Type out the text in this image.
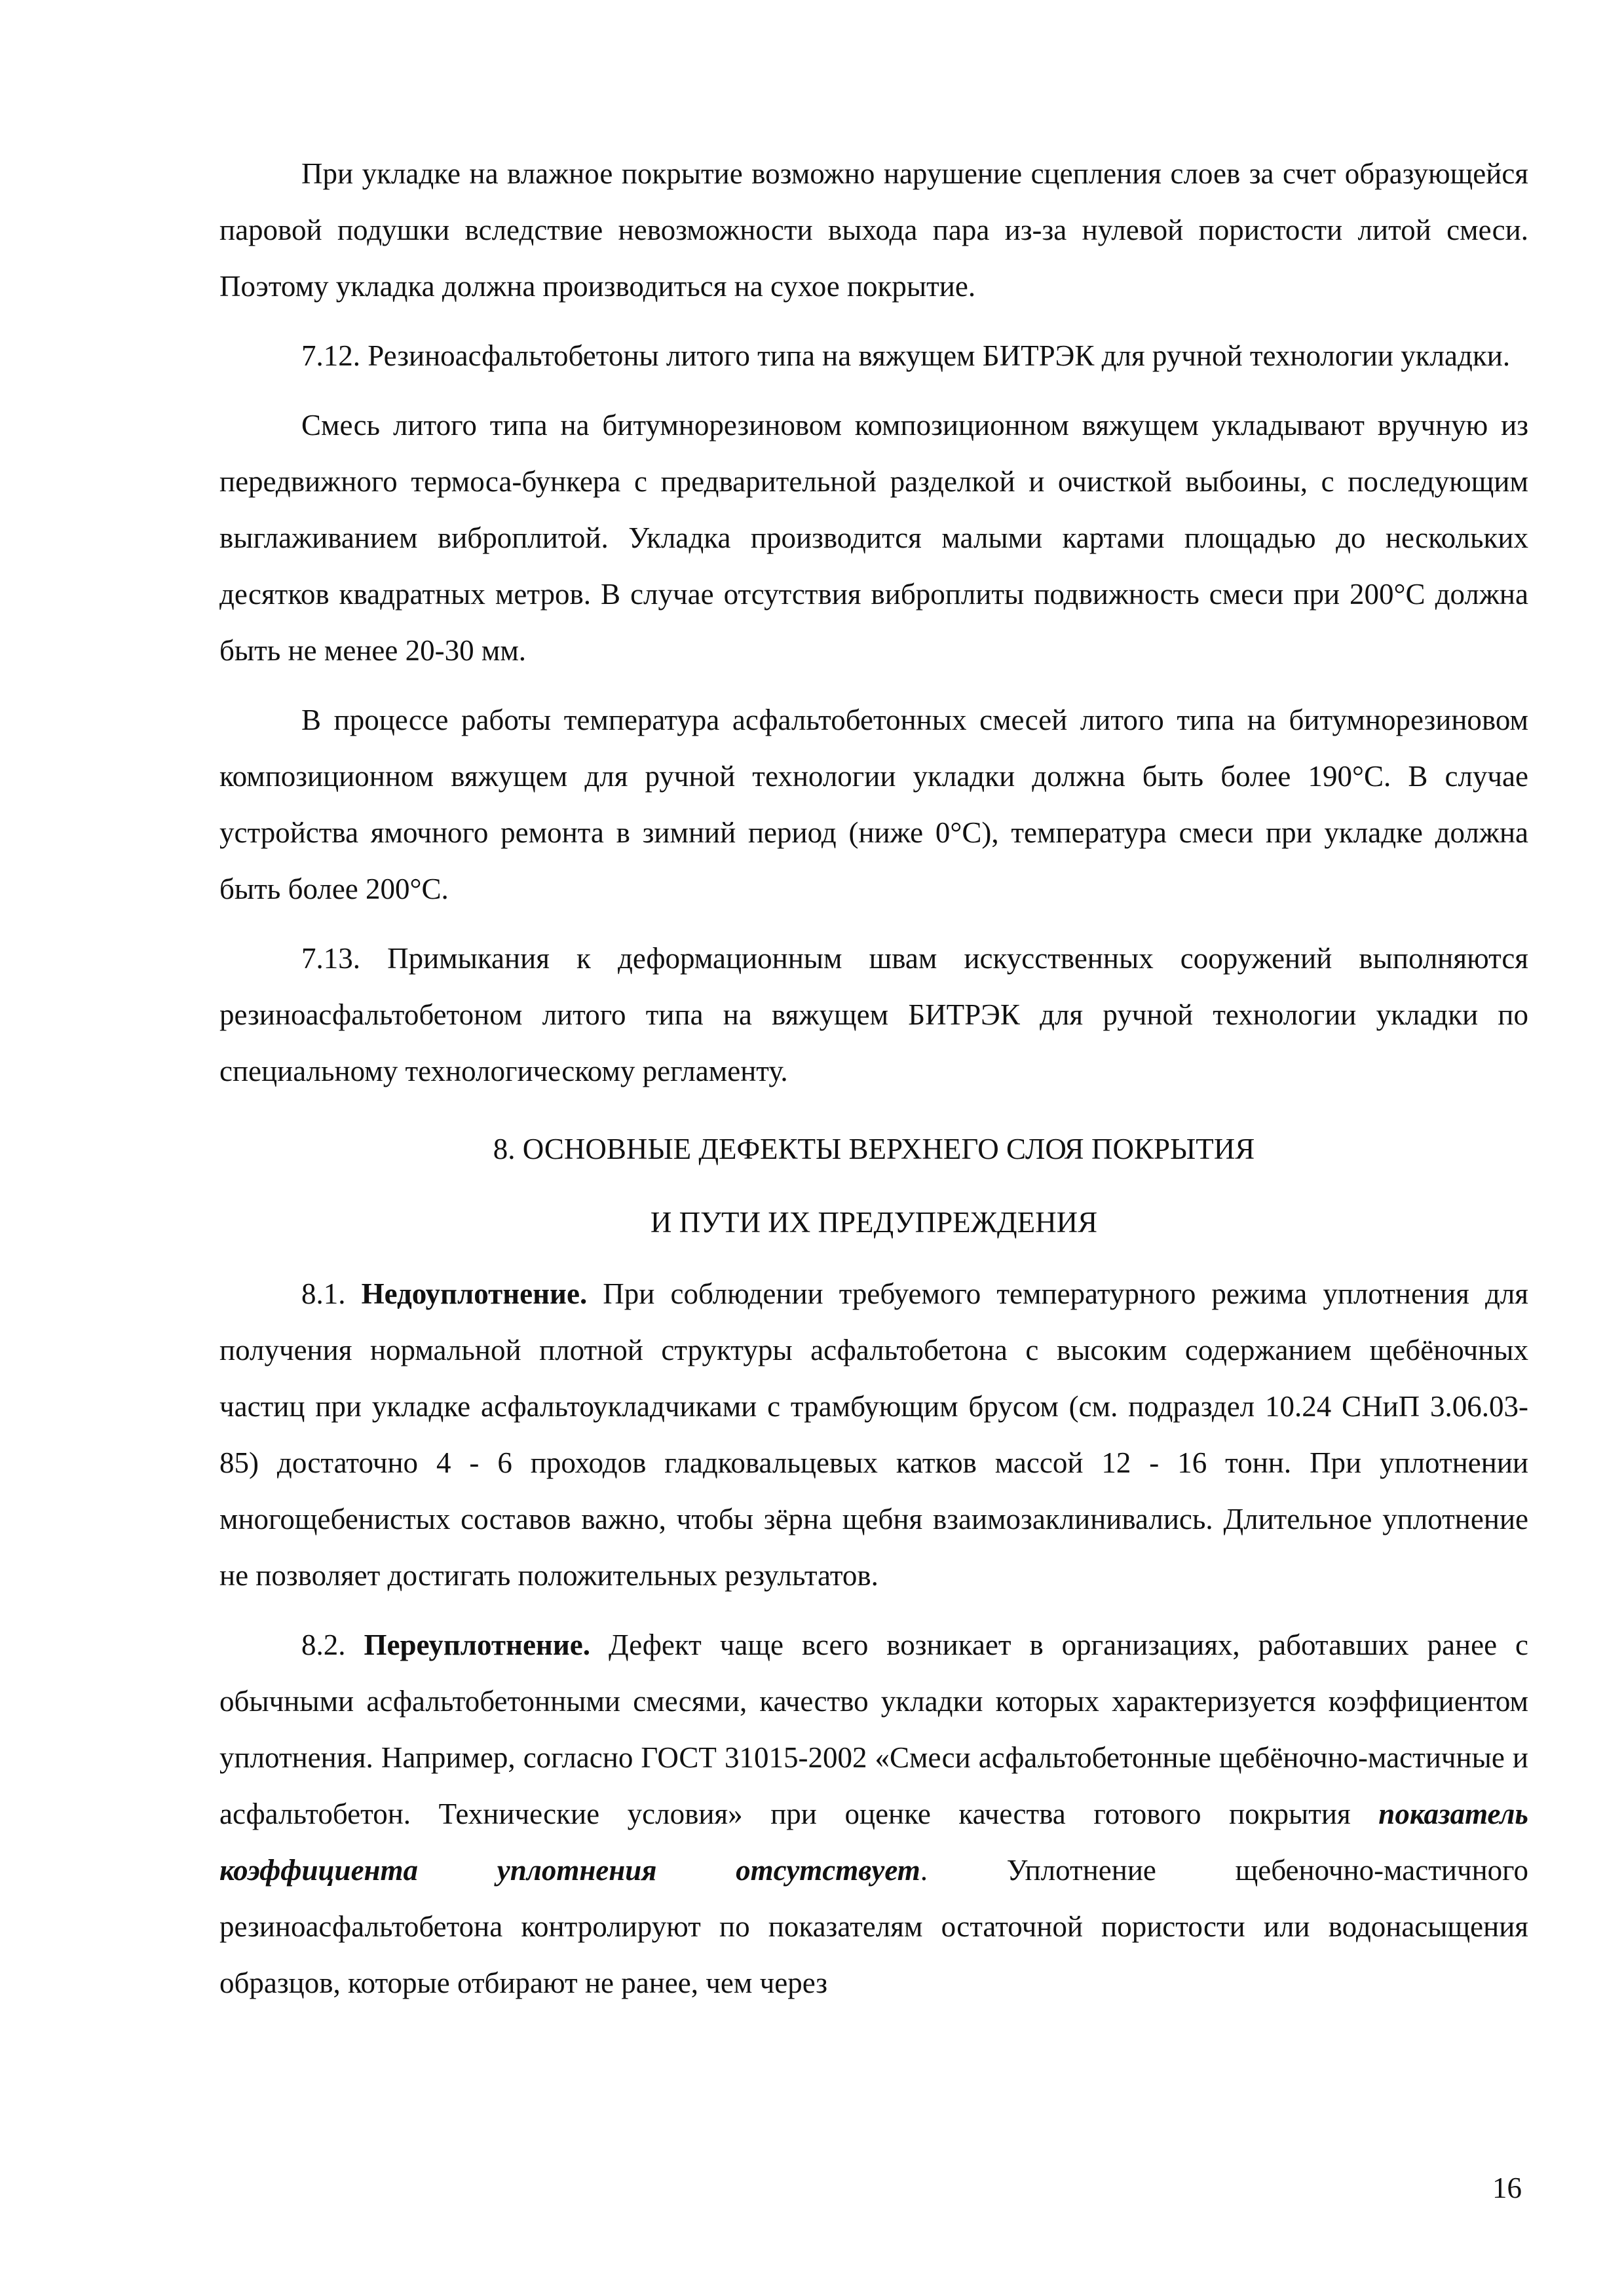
При укладке на влажное покрытие возможно нарушение сцепления слоев за счет образующейся паровой подушки вследствие невозможности выхода пара из-за нулевой пористости литой смеси. Поэтому укладка должна производиться на сухое покрытие.

7.12. Резиноасфальтобетоны литого типа на вяжущем БИТРЭК для ручной технологии укладки.

Смесь литого типа на битумнорезиновом композиционном вяжущем укладывают вручную из передвижного термоса-бункера с предварительной разделкой и очисткой выбоины, с последующим выглаживанием виброплитой. Укладка производится малыми картами площадью до нескольких десятков квадратных метров. В случае отсутствия виброплиты подвижность смеси при 200°С должна быть не менее 20-30 мм.

В процессе работы температура асфальтобетонных смесей литого типа на битумнорезиновом композиционном вяжущем для ручной технологии укладки должна быть более 190°С. В случае устройства ямочного ремонта в зимний период (ниже 0°С), температура смеси при укладке должна быть более 200°С.

7.13. Примыкания к деформационным швам искусственных сооружений выполняются резиноасфальтобетоном литого типа на вяжущем БИТРЭК для ручной технологии укладки по специальному технологическому регламенту.

8. ОСНОВНЫЕ ДЕФЕКТЫ ВЕРХНЕГО СЛОЯ ПОКРЫТИЯ

И ПУТИ ИХ ПРЕДУПРЕЖДЕНИЯ

8.1. Недоуплотнение. При соблюдении требуемого температурного режима уплотнения для получения нормальной плотной структуры асфальтобетона с высоким содержанием щебёночных частиц при укладке асфальтоукладчиками с трамбующим брусом (см. подраздел 10.24 СНиП 3.06.03-85) достаточно 4 - 6 проходов гладковальцевых катков массой 12 - 16 тонн. При уплотнении многощебенистых составов важно, чтобы зёрна щебня взаимозаклинивались. Длительное уплотнение не позволяет достигать положительных результатов.

8.2. Переуплотнение. Дефект чаще всего возникает в организациях, работавших ранее с обычными асфальтобетонными смесями, качество укладки которых характеризуется коэффициентом уплотнения. Например, согласно ГОСТ 31015-2002 «Смеси асфальтобетонные щебёночно-мастичные и асфальтобетон. Технические условия» при оценке качества готового покрытия показатель коэффициента уплотнения отсутствует. Уплотнение щебеночно-мастичного резиноасфальтобетона контролируют по показателям остаточной пористости или водонасыщения образцов, которые отбирают не ранее, чем через

16
